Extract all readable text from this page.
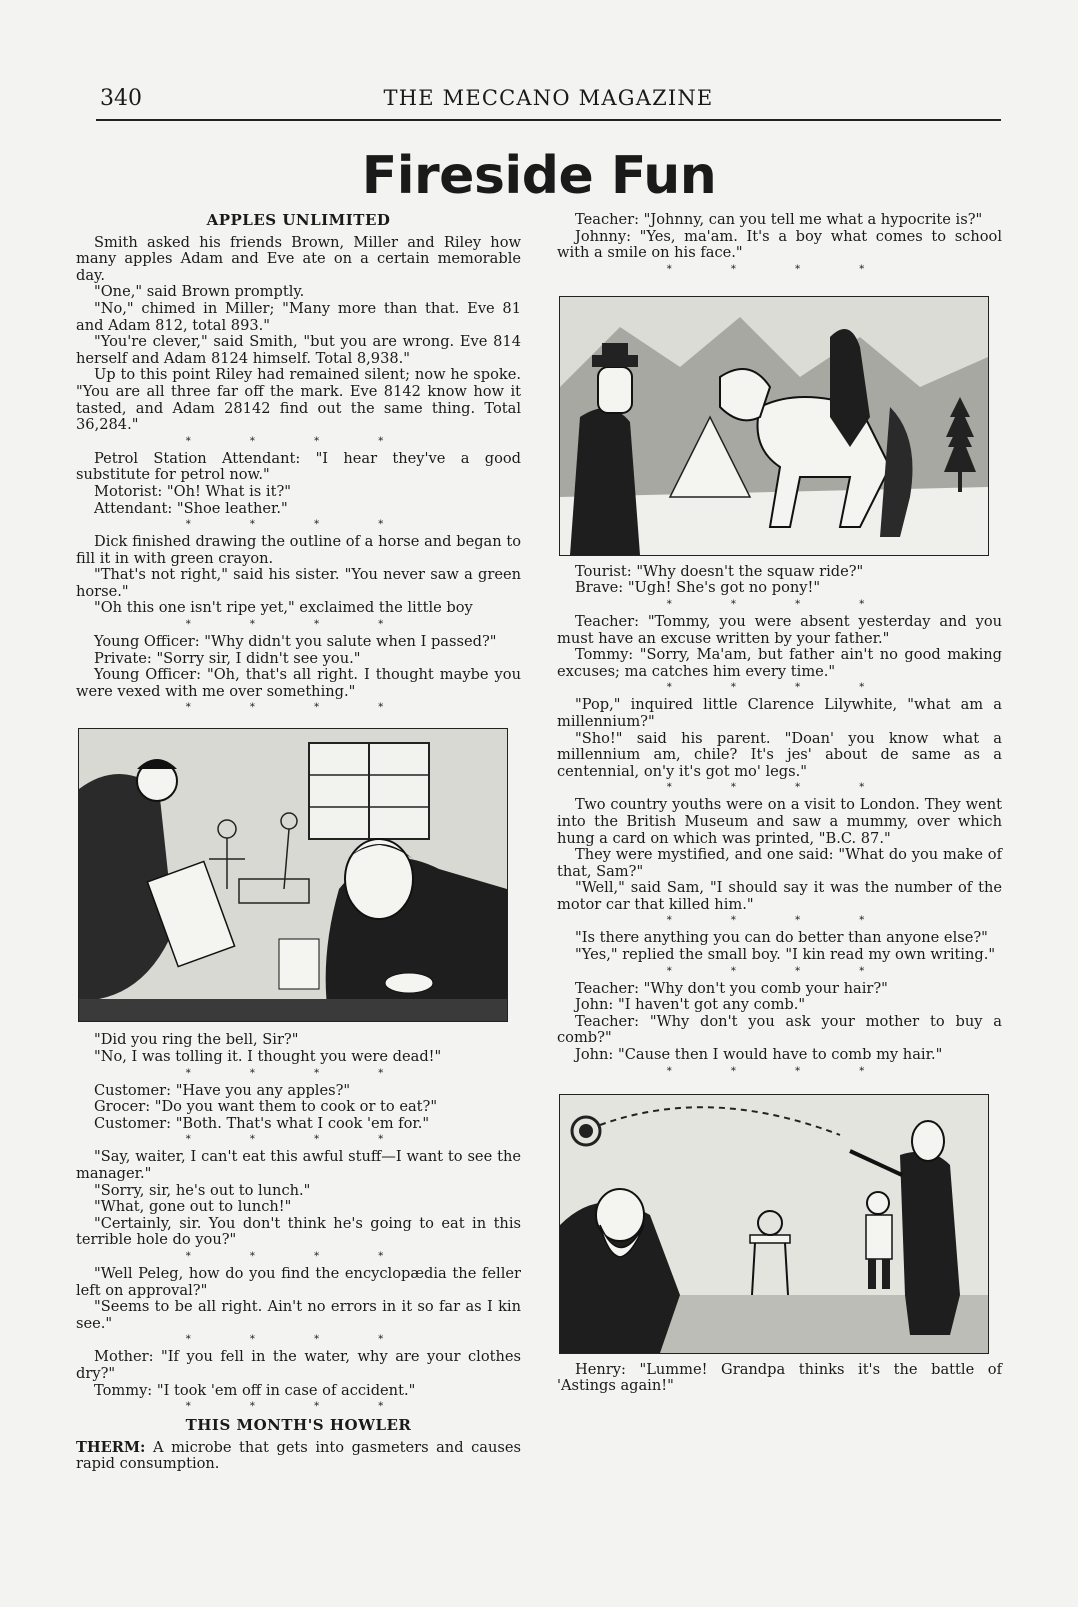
340	THE MECCANO MAGAZINE
Fireside Fun
APPLES UNLIMITED

Smith asked his friends Brown, Miller and Riley how many apples Adam and Eve ate on a certain memorable day.

"One," said Brown promptly.

"No," chimed in Miller; "Many more than that. Eve 81 and Adam 812, total 893."

"You're clever," said Smith, "but you are wrong. Eve 814 herself and Adam 8124 himself. Total 8,938."

Up to this point Riley had remained silent; now he spoke. "You are all three far off the mark. Eve 8142 know how it tasted, and Adam 28142 find out the same thing. Total 36,284."

* * * *

Petrol Station Attendant: "I hear they've a good substitute for petrol now."

Motorist: "Oh! What is it?"

Attendant: "Shoe leather."

* * * *

Dick finished drawing the outline of a horse and began to fill it in with green crayon.

"That's not right," said his sister. "You never saw a green horse."

"Oh this one isn't ripe yet," exclaimed the little boy

* * * *

Young Officer: "Why didn't you salute when I passed?"

Private: "Sorry sir, I didn't see you."

Young Officer: "Oh, that's all right. I thought maybe you were vexed with me over something."

* * * *

"Did you ring the bell, Sir?"

"No, I was tolling it. I thought you were dead!"

* * * *

Customer: "Have you any apples?"

Grocer: "Do you want them to cook or to eat?"

Customer: "Both. That's what I cook 'em for."

* * * *

"Say, waiter, I can't eat this awful stuff—I want to see the manager."

"Sorry, sir, he's out to lunch."

"What, gone out to lunch!"

"Certainly, sir. You don't think he's going to eat in this terrible hole do you?"

* * * *

"Well Peleg, how do you find the encyclopædia the feller left on approval?"

"Seems to be all right. Ain't no errors in it so far as I kin see."

* * * *

Mother: "If you fell in the water, why are your clothes dry?"

Tommy: "I took 'em off in case of accident."

* * * *
THIS MONTH'S HOWLER

THERM: A microbe that gets into gasmeters and causes rapid consumption.

Teacher: "Johnny, can you tell me what a hypocrite is?"

Johnny: "Yes, ma'am. It's a boy what comes to school with a smile on his face."

* * * *

Tourist: "Why doesn't the squaw ride?"

Brave: "Ugh! She's got no pony!"

* * * *

Teacher: "Tommy, you were absent yesterday and you must have an excuse written by your father."

Tommy: "Sorry, Ma'am, but father ain't no good making excuses; ma catches him every time."

* * * *

"Pop," inquired little Clarence Lilywhite, "what am a millennium?"

"Sho!" said his parent. "Doan' you know what a millennium am, chile? It's jes' about de same as a centennial, on'y it's got mo' legs."

* * * *

Two country youths were on a visit to London. They went into the British Museum and saw a mummy, over which hung a card on which was printed, "B.C. 87."

They were mystified, and one said: "What do you make of that, Sam?"

"Well," said Sam, "I should say it was the number of the motor car that killed him."

* * * *

"Is there anything you can do better than anyone else?"

"Yes," replied the small boy. "I kin read my own writing."

* * * *

Teacher: "Why don't you comb your hair?"

John: "I haven't got any comb."

Teacher: "Why don't you ask your mother to buy a comb?"

John: "Cause then I would have to comb my hair."

* * * *

Henry: "Lumme! Grandpa thinks it's the battle of 'Astings again!"
